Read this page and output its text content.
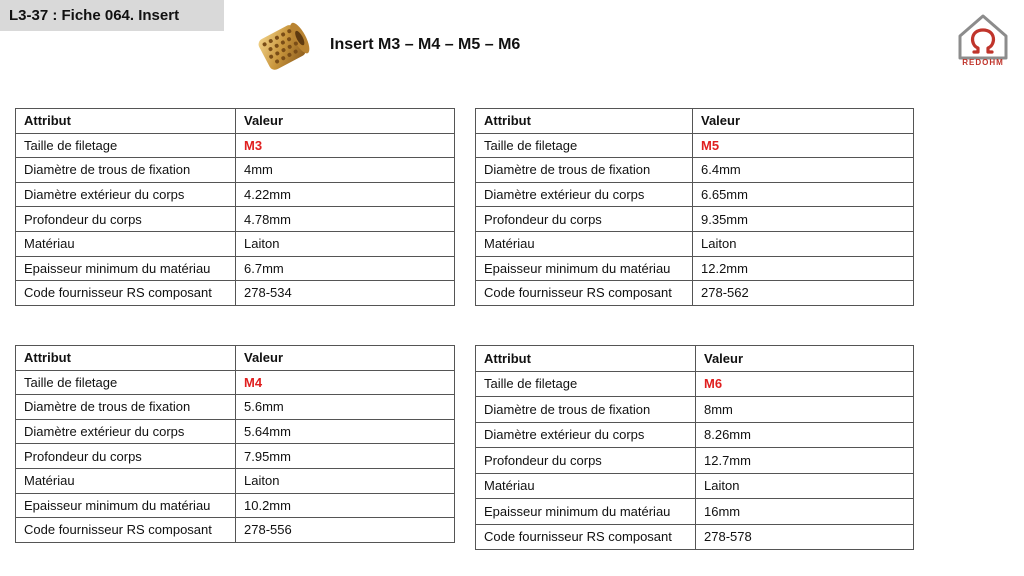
L3-37 : Fiche 064. Insert
Insert M3 – M4 – M5 – M6
REDOHM
Attribut	Valeur
Taille de filetage	M3
Diamètre de trous de fixation	4mm
Diamètre extérieur du corps	4.22mm
Profondeur du corps	4.78mm
Matériau	Laiton
Epaisseur minimum du matériau	6.7mm
Code fournisseur RS composant	278-534
Attribut	Valeur
Taille de filetage	M5
Diamètre de trous de fixation	6.4mm
Diamètre extérieur du corps	6.65mm
Profondeur du corps	9.35mm
Matériau	Laiton
Epaisseur minimum du matériau	12.2mm
Code fournisseur RS composant	278-562
Attribut	Valeur
Taille de filetage	M4
Diamètre de trous de fixation	5.6mm
Diamètre extérieur du corps	5.64mm
Profondeur du corps	7.95mm
Matériau	Laiton
Epaisseur minimum du matériau	10.2mm
Code fournisseur RS composant	278-556
Attribut	Valeur
Taille de filetage	M6
Diamètre de trous de fixation	8mm
Diamètre extérieur du corps	8.26mm
Profondeur du corps	12.7mm
Matériau	Laiton
Epaisseur minimum du matériau	16mm
Code fournisseur RS composant	278-578
